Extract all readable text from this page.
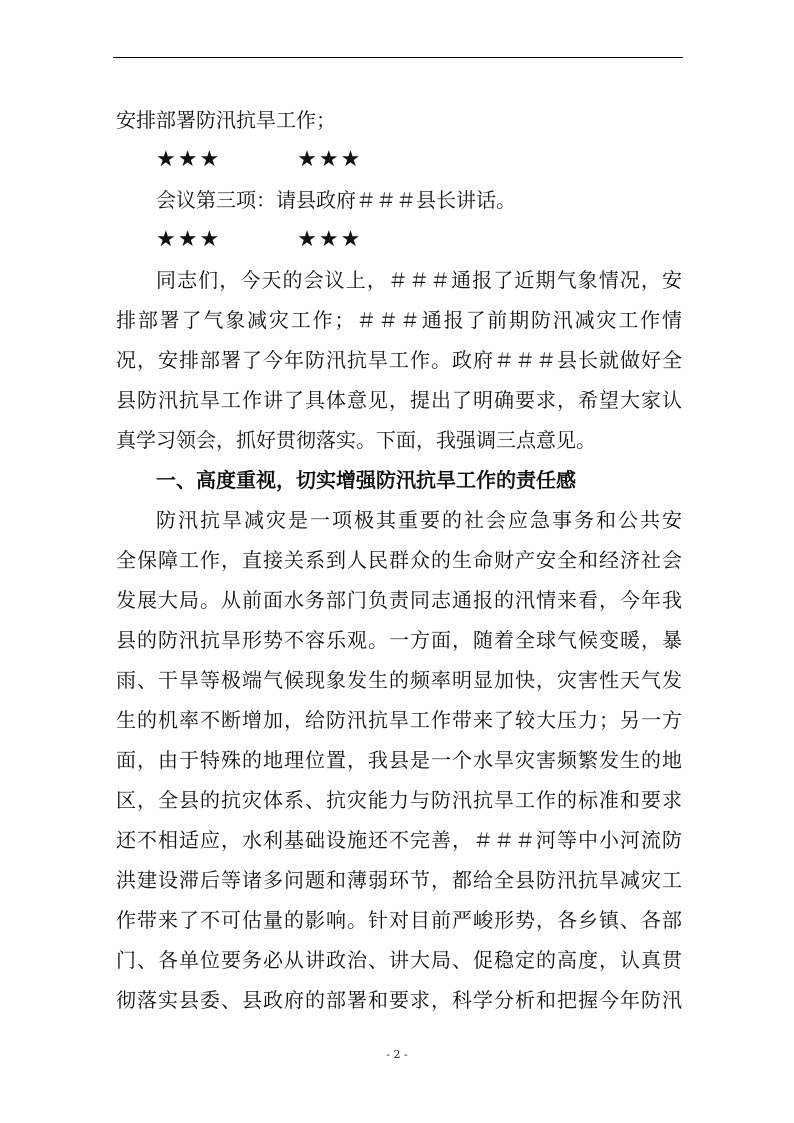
安排部署防汛抗旱工作；
★★★	★★★
会议第三项：请县政府＃＃＃县长讲话。
★★★	★★★
同志们，今天的会议上，＃＃＃通报了近期气象情况，安
排部署了气象减灾工作；＃＃＃通报了前期防汛减灾工作情
况，安排部署了今年防汛抗旱工作。政府＃＃＃县长就做好全
县防汛抗旱工作讲了具体意见，提出了明确要求，希望大家认
真学习领会，抓好贯彻落实。下面，我强调三点意见。
一、高度重视，切实增强防汛抗旱工作的责任感
防汛抗旱减灾是一项极其重要的社会应急事务和公共安
全保障工作，直接关系到人民群众的生命财产安全和经济社会
发展大局。从前面水务部门负责同志通报的汛情来看，今年我
县的防汛抗旱形势不容乐观。一方面，随着全球气候变暖，暴
雨、干旱等极端气候现象发生的频率明显加快，灾害性天气发
生的机率不断增加，给防汛抗旱工作带来了较大压力；另一方
面，由于特殊的地理位置，我县是一个水旱灾害频繁发生的地
区，全县的抗灾体系、抗灾能力与防汛抗旱工作的标准和要求
还不相适应，水利基础设施还不完善，＃＃＃河等中小河流防
洪建设滞后等诸多问题和薄弱环节，都给全县防汛抗旱减灾工
作带来了不可估量的影响。针对目前严峻形势，各乡镇、各部
门、各单位要务必从讲政治、讲大局、促稳定的高度，认真贯
彻落实县委、县政府的部署和要求，科学分析和把握今年防汛
- 2 -
